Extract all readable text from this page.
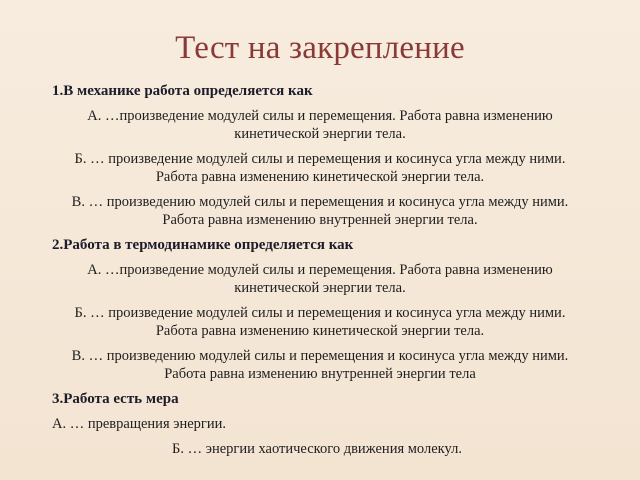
Тест на закрепление
1.В механике работа определяется как
А. …произведение модулей силы и перемещения. Работа равна изменению кинетической энергии тела.
Б. … произведение модулей силы и перемещения и косинуса угла между ними. Работа равна изменению кинетической энергии тела.
В. … произведению модулей силы и перемещения и косинуса угла между ними. Работа равна изменению внутренней энергии тела.
2.Работа в термодинамике определяется как
А. …произведение модулей силы и перемещения. Работа равна изменению кинетической энергии тела.
Б. … произведение модулей силы и перемещения и косинуса угла между ними. Работа равна изменению кинетической энергии тела.
В. … произведению модулей силы и перемещения и косинуса угла между ними. Работа равна изменению внутренней энергии тела
3.Работа есть мера
А. … превращения энергии.
Б. … энергии хаотического движения молекул.
